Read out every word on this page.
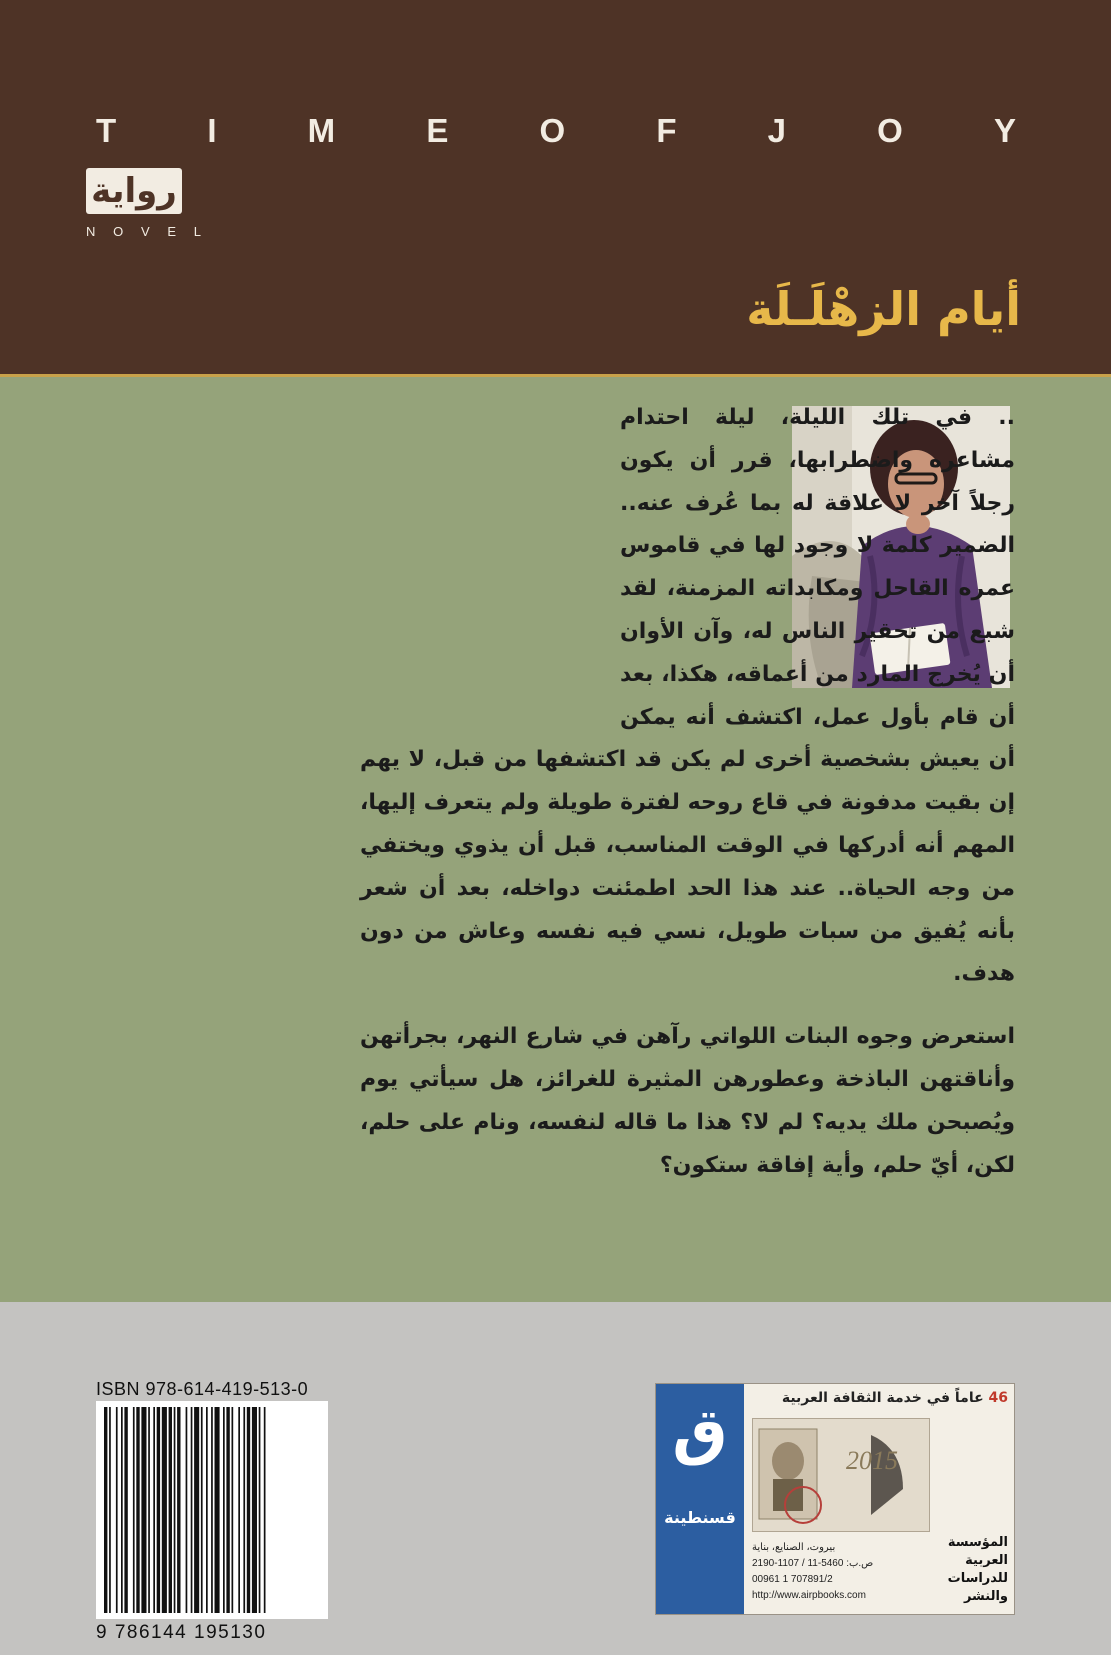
T	I	M	E	O	F	J	O	Y
رواية
N O V E L
أيام الزهْلَـلَة
.. في تلك الليلة، ليلة احتدام مشاعره واضطرابها، قرر أن يكون رجلاً آخر لا علاقة له بما عُرف عنه.. الضمير كلمة لا وجود لها في قاموس عمره القاحل ومكابداته المزمنة، لقد شبع من تحقير الناس له، وآن الأوان أن يُخرج المارد من أعماقه، هكذا، بعد أن قام بأول عمل، اكتشف أنه يمكن أن يعيش بشخصية أخرى لم يكن قد اكتشفها من قبل، لا يهم إن بقيت مدفونة في قاع روحه لفترة طويلة ولم يتعرف إليها، المهم أنه أدركها في الوقت المناسب، قبل أن يذوي ويختفي من وجه الحياة.. عند هذا الحد اطمئنت دواخله، بعد أن شعر بأنه يُفيق من سبات طويل، نسي فيه نفسه وعاش من دون هدف.
استعرض وجوه البنات اللواتي رآهن في شارع النهر، بجرأتهن وأناقتهن الباذخة وعطورهن المثيرة للغرائز، هل سيأتي يوم ويُصبحن ملك يديه؟ لم لا؟ هذا ما قاله لنفسه، ونام على حلم، لكن، أيّ حلم، وأية إفاقة ستكون؟
ISBN 978-614-419-513-0
9 786144 195130
ق
قسنطينة
46 عاماً في خدمة الثقافة العربية
2015
بيروت، الصنايع، بناية
ص.ب: 5460-11 / 1107-2190
00961 1 707891/2
http://www.airpbooks.com
المؤسسة
العربية
للدراسات
والنشر
